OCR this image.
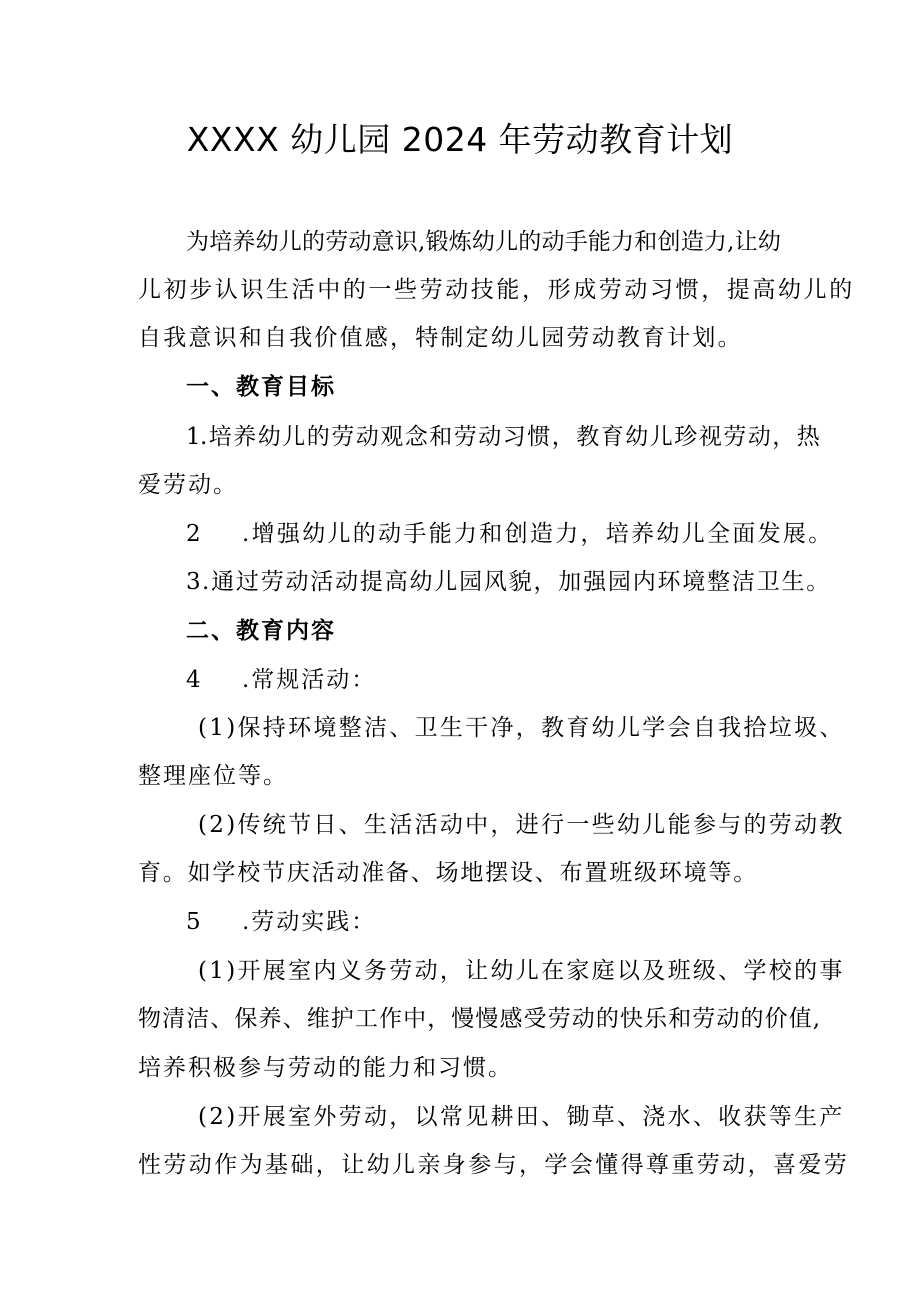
XXXX 幼儿园 2024 年劳动教育计划
为培养幼儿的劳动意识,锻炼幼儿的动手能力和创造力,让幼
儿初步认识生活中的一些劳动技能，形成劳动习惯，提高幼儿的
自我意识和自我价值感，特制定幼儿园劳动教育计划。
一、教育目标
1.培养幼儿的劳动观念和劳动习惯，教育幼儿珍视劳动，热
爱劳动。
2 .增强幼儿的动手能力和创造力，培养幼儿全面发展。
3.通过劳动活动提高幼儿园风貌，加强园内环境整洁卫生。
二、教育内容
4 .常规活动：
(1)保持环境整洁、卫生干净，教育幼儿学会自我拾垃圾、
整理座位等。
(2)传统节日、生活活动中，进行一些幼儿能参与的劳动教
育。如学校节庆活动准备、场地摆设、布置班级环境等。
5 .劳动实践：
(1)开展室内义务劳动，让幼儿在家庭以及班级、学校的事
物清洁、保养、维护工作中，慢慢感受劳动的快乐和劳动的价值,
培养积极参与劳动的能力和习惯。
(2)开展室外劳动，以常见耕田、锄草、浇水、收获等生产
性劳动作为基础，让幼儿亲身参与，学会懂得尊重劳动，喜爱劳
